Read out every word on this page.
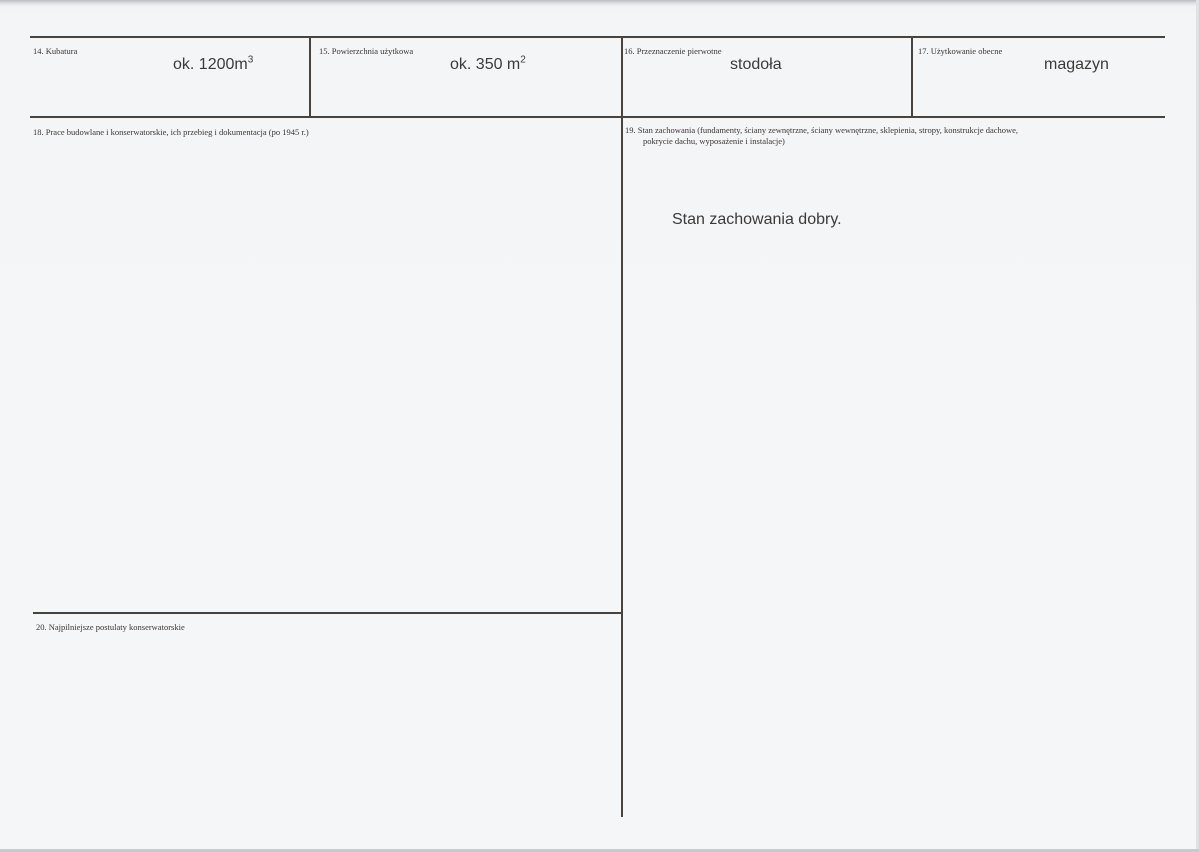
14. Kubatura
ok. $1200m^3$
15. Powierzchnia użytkowa
ok. 350 $m^2$
16. Przeznaczenie pierwotne
stodoła
17. Użytkowanie obecne
magazyn
18. Prace budowlane i konserwatorskie, ich przebieg i dokumentacja (po 1945 r.)	19. Stan zachowania (fundamenty, ściany zewnętrzne, ściany wewnętrzne, sklepienia, stropy, konstrukcje dachowe,
pokrycie dachu, wyposażenie i instalacje)
Stan zachowania dobry.
20. Najpilniejsze postulaty konserwatorskie
